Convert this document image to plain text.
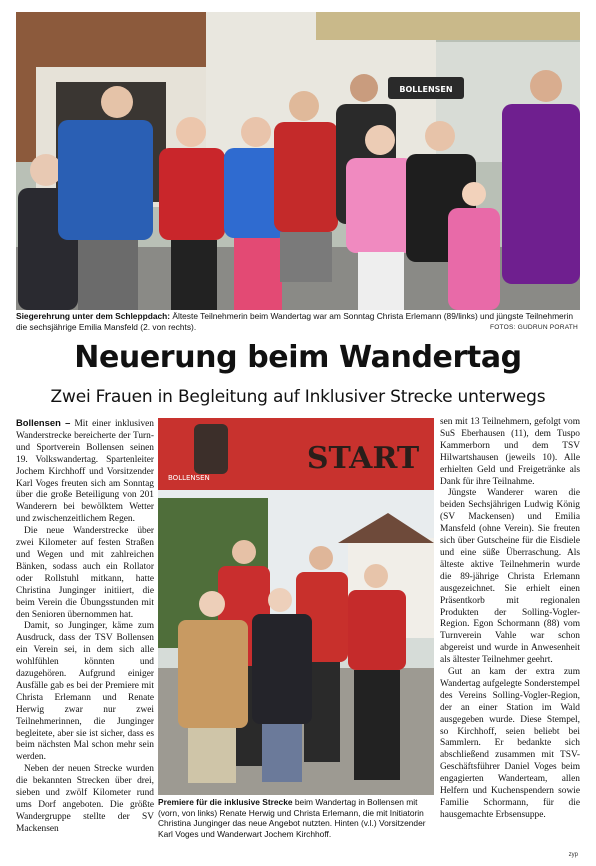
BOLLENSEN
Siegerehrung unter dem Schleppdach: Älteste Teilnehmerin beim Wandertag war am Sonntag Christa Erlemann (89/links) und jüngste Teilnehmerin die sechsjährige Emilia Mansfeld (2. von rechts).	FOTOS: GUDRUN PORATH
Neuerung beim Wandertag
Zwei Frauen in Begleitung auf Inklusiver Strecke unterwegs

Bollensen – Mit einer inklusiven Wanderstrecke bereicherte der Turn- und Sportverein Bollensen seinen 19. Volkswandertag. Spartenleiter Jochem Kirchhoff und Vorsitzender Karl Voges freuten sich am Sonntag über die große Beteiligung von 201 Wanderern bei bewölktem Wetter und zwischenzeitlichem Regen.

Die neue Wanderstrecke über zwei Kilometer auf festen Straßen und Wegen und mit zahlreichen Bänken, sodass auch ein Rollator oder Rollstuhl mitkann, hatte Christina Junginger initiiert, die beim Verein die Übungsstunden mit den Senioren übernommen hat.

Damit, so Junginger, käme zum Ausdruck, dass der TSV Bollensen ein Verein sei, in dem sich alle wohlfühlen könnten und dazugehören. Aufgrund einiger Ausfälle gab es bei der Premiere mit Christa Erlemann und Renate Herwig zwar nur zwei Teilnehmerinnen, die Junginger begleitete, aber sie ist sicher, dass es beim nächsten Mal schon mehr sein werden.

Neben der neuen Strecke wurden die bekannten Strecken über drei, sieben und zwölf Kilometer rund ums Dorf angeboten. Die größte Wandergruppe stellte der SV Mackensen

BOLLENSEN
START
Premiere für die inklusive Strecke beim Wandertag in Bollensen mit (vorn, von links) Renate Herwig und Christa Erlemann, die mit Initiatorin Christina Junginger das neue Angebot nutzten. Hinten (v.l.) Vorsitzender Karl Voges und Wanderwart Jochem Kirchhoff.

sen mit 13 Teilnehmern, gefolgt vom SuS Eberhausen (11), dem Tuspo Kammerborn und dem TSV Hilwartshausen (jeweils 10). Alle erhielten Geld und Freigetränke als Dank für ihre Teilnahme.

Jüngste Wanderer waren die beiden Sechsjährigen Ludwig König (SV Mackensen) und Emilia Mansfeld (ohne Verein). Sie freuten sich über Gutscheine für die Eisdiele und eine süße Überraschung. Als älteste aktive Teilnehmerin wurde die 89-jährige Christa Erlemann ausgezeichnet. Sie erhielt einen Präsentkorb mit regionalen Produkten der Solling-Vogler-Region. Egon Schormann (88) vom Turnverein Vahle war schon abgereist und wurde in Anwesenheit als ältester Teilnehmer geehrt.

Gut an kam der extra zum Wandertag aufgelegte Sonderstempel des Vereins Solling-Vogler-Region, der an einer Station im Wald ausgegeben wurde. Diese Stempel, so Kirchhoff, seien beliebt bei Sammlern. Er bedankte sich abschließend zusammen mit TSV-Geschäftsführer Daniel Voges beim engagierten Wanderteam, allen Helfern und Kuchenspendern sowie Familie Schormann, für die hausgemachte Erbsensuppe.

zyp
